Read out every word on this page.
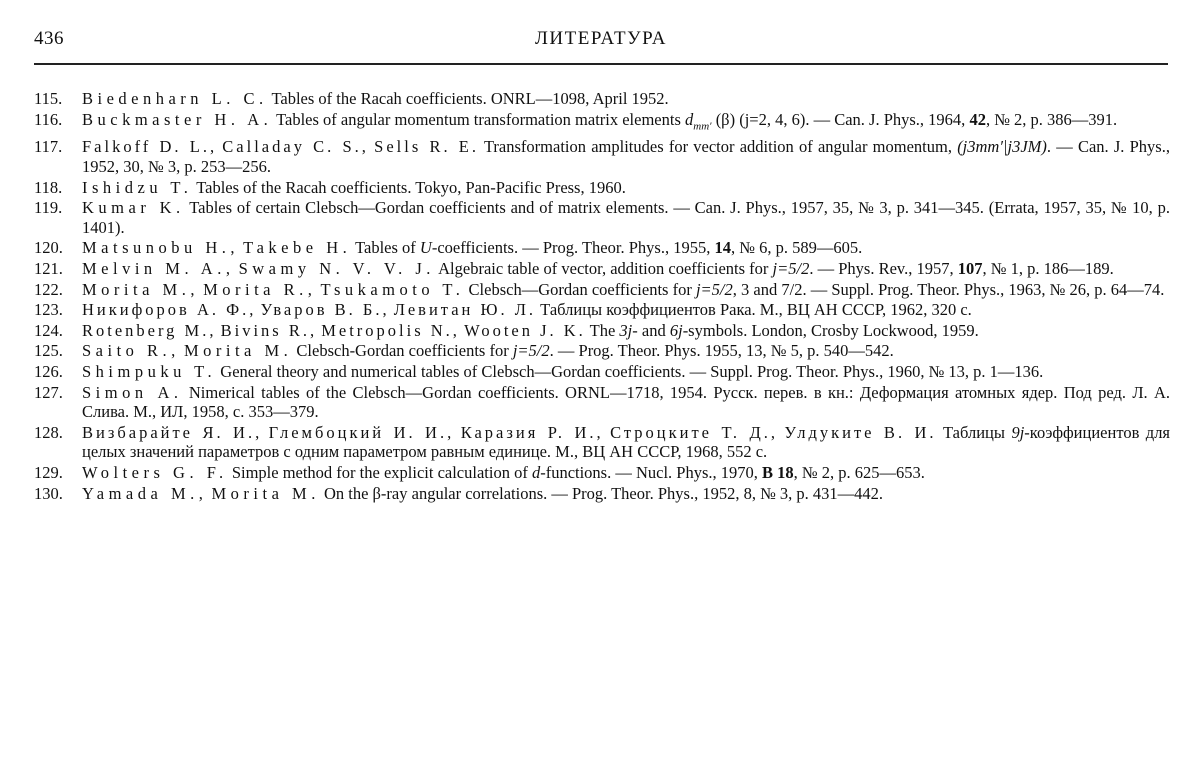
436	ЛИТЕРАТУРА
115.	Biedenharn L. C. Tables of the Racah coefficients. ONRL—1098, April 1952.
116.	Buckmaster H. A. Tables of angular momentum transformation matrix elements $d_{mm'}$ (β) (j=2, 4, 6). — Can. J. Phys., 1964, 42, № 2, p. 386—391.
117.	Falkoff D. L., Calladay C. S., Sells R. E. Transformation amplitudes for vector addition of angular momentum, (j3mm′|j3JM). — Can. J. Phys., 1952, 30, № 3, p. 253—256.
118.	Ishidzu T. Tables of the Racah coefficients. Tokyo, Pan-Pacific Press, 1960.
119.	Kumar K. Tables of certain Clebsch—Gordan coefficients and of matrix elements. — Can. J. Phys., 1957, 35, № 3, p. 341—345. (Errata, 1957, 35, № 10, p. 1401).
120.	Matsunobu H., Takebe H. Tables of U-coefficients. — Prog. Theor. Phys., 1955, 14, № 6, p. 589—605.
121.	Melvin M. A., Swamy N. V. V. J. Algebraic table of vector, addition coefficients for j=5/2. — Phys. Rev., 1957, 107, № 1, p. 186—189.
122.	Morita M., Morita R., Tsukamoto T. Clebsch—Gordan coefficients for j=5/2, 3 and 7/2. — Suppl. Prog. Theor. Phys., 1963, № 26, p. 64—74.
123.	Никифоров А. Ф., Уваров В. Б., Левитан Ю. Л. Таблицы коэффициентов Рака. М., ВЦ АН СССР, 1962, 320 с.
124.	Rotenberg M., Bivins R., Metropolis N., Wooten J. K. The 3j- and 6j-symbols. London, Crosby Lockwood, 1959.
125.	Saito R., Morita M. Clebsch-Gordan coefficients for j=5/2. — Prog. Theor. Phys. 1955, 13, № 5, p. 540—542.
126.	Shimpuku T. General theory and numerical tables of Clebsch—Gordan coefficients. — Suppl. Prog. Theor. Phys., 1960, № 13, p. 1—136.
127.	Simon A. Nimerical tables of the Clebsch—Gordan coefficients. ORNL—1718, 1954. Русск. перев. в кн.: Деформация атомных ядер. Под ред. Л. А. Слива. М., ИЛ, 1958, с. 353—379.
128.	Визбарайте Я. И., Глембоцкий И. И., Каразия Р. И., Строцките Т. Д., Улдуките В. И. Таблицы 9j-коэффициентов для целых значений параметров с одним параметром равным единице. М., ВЦ АН СССР, 1968, 552 с.
129.	Wolters G. F. Simple method for the explicit calculation of d-functions. — Nucl. Phys., 1970, B 18, № 2, p. 625—653.
130.	Yamada M., Morita M. On the β-ray angular correlations. — Prog. Theor. Phys., 1952, 8, № 3, p. 431—442.
